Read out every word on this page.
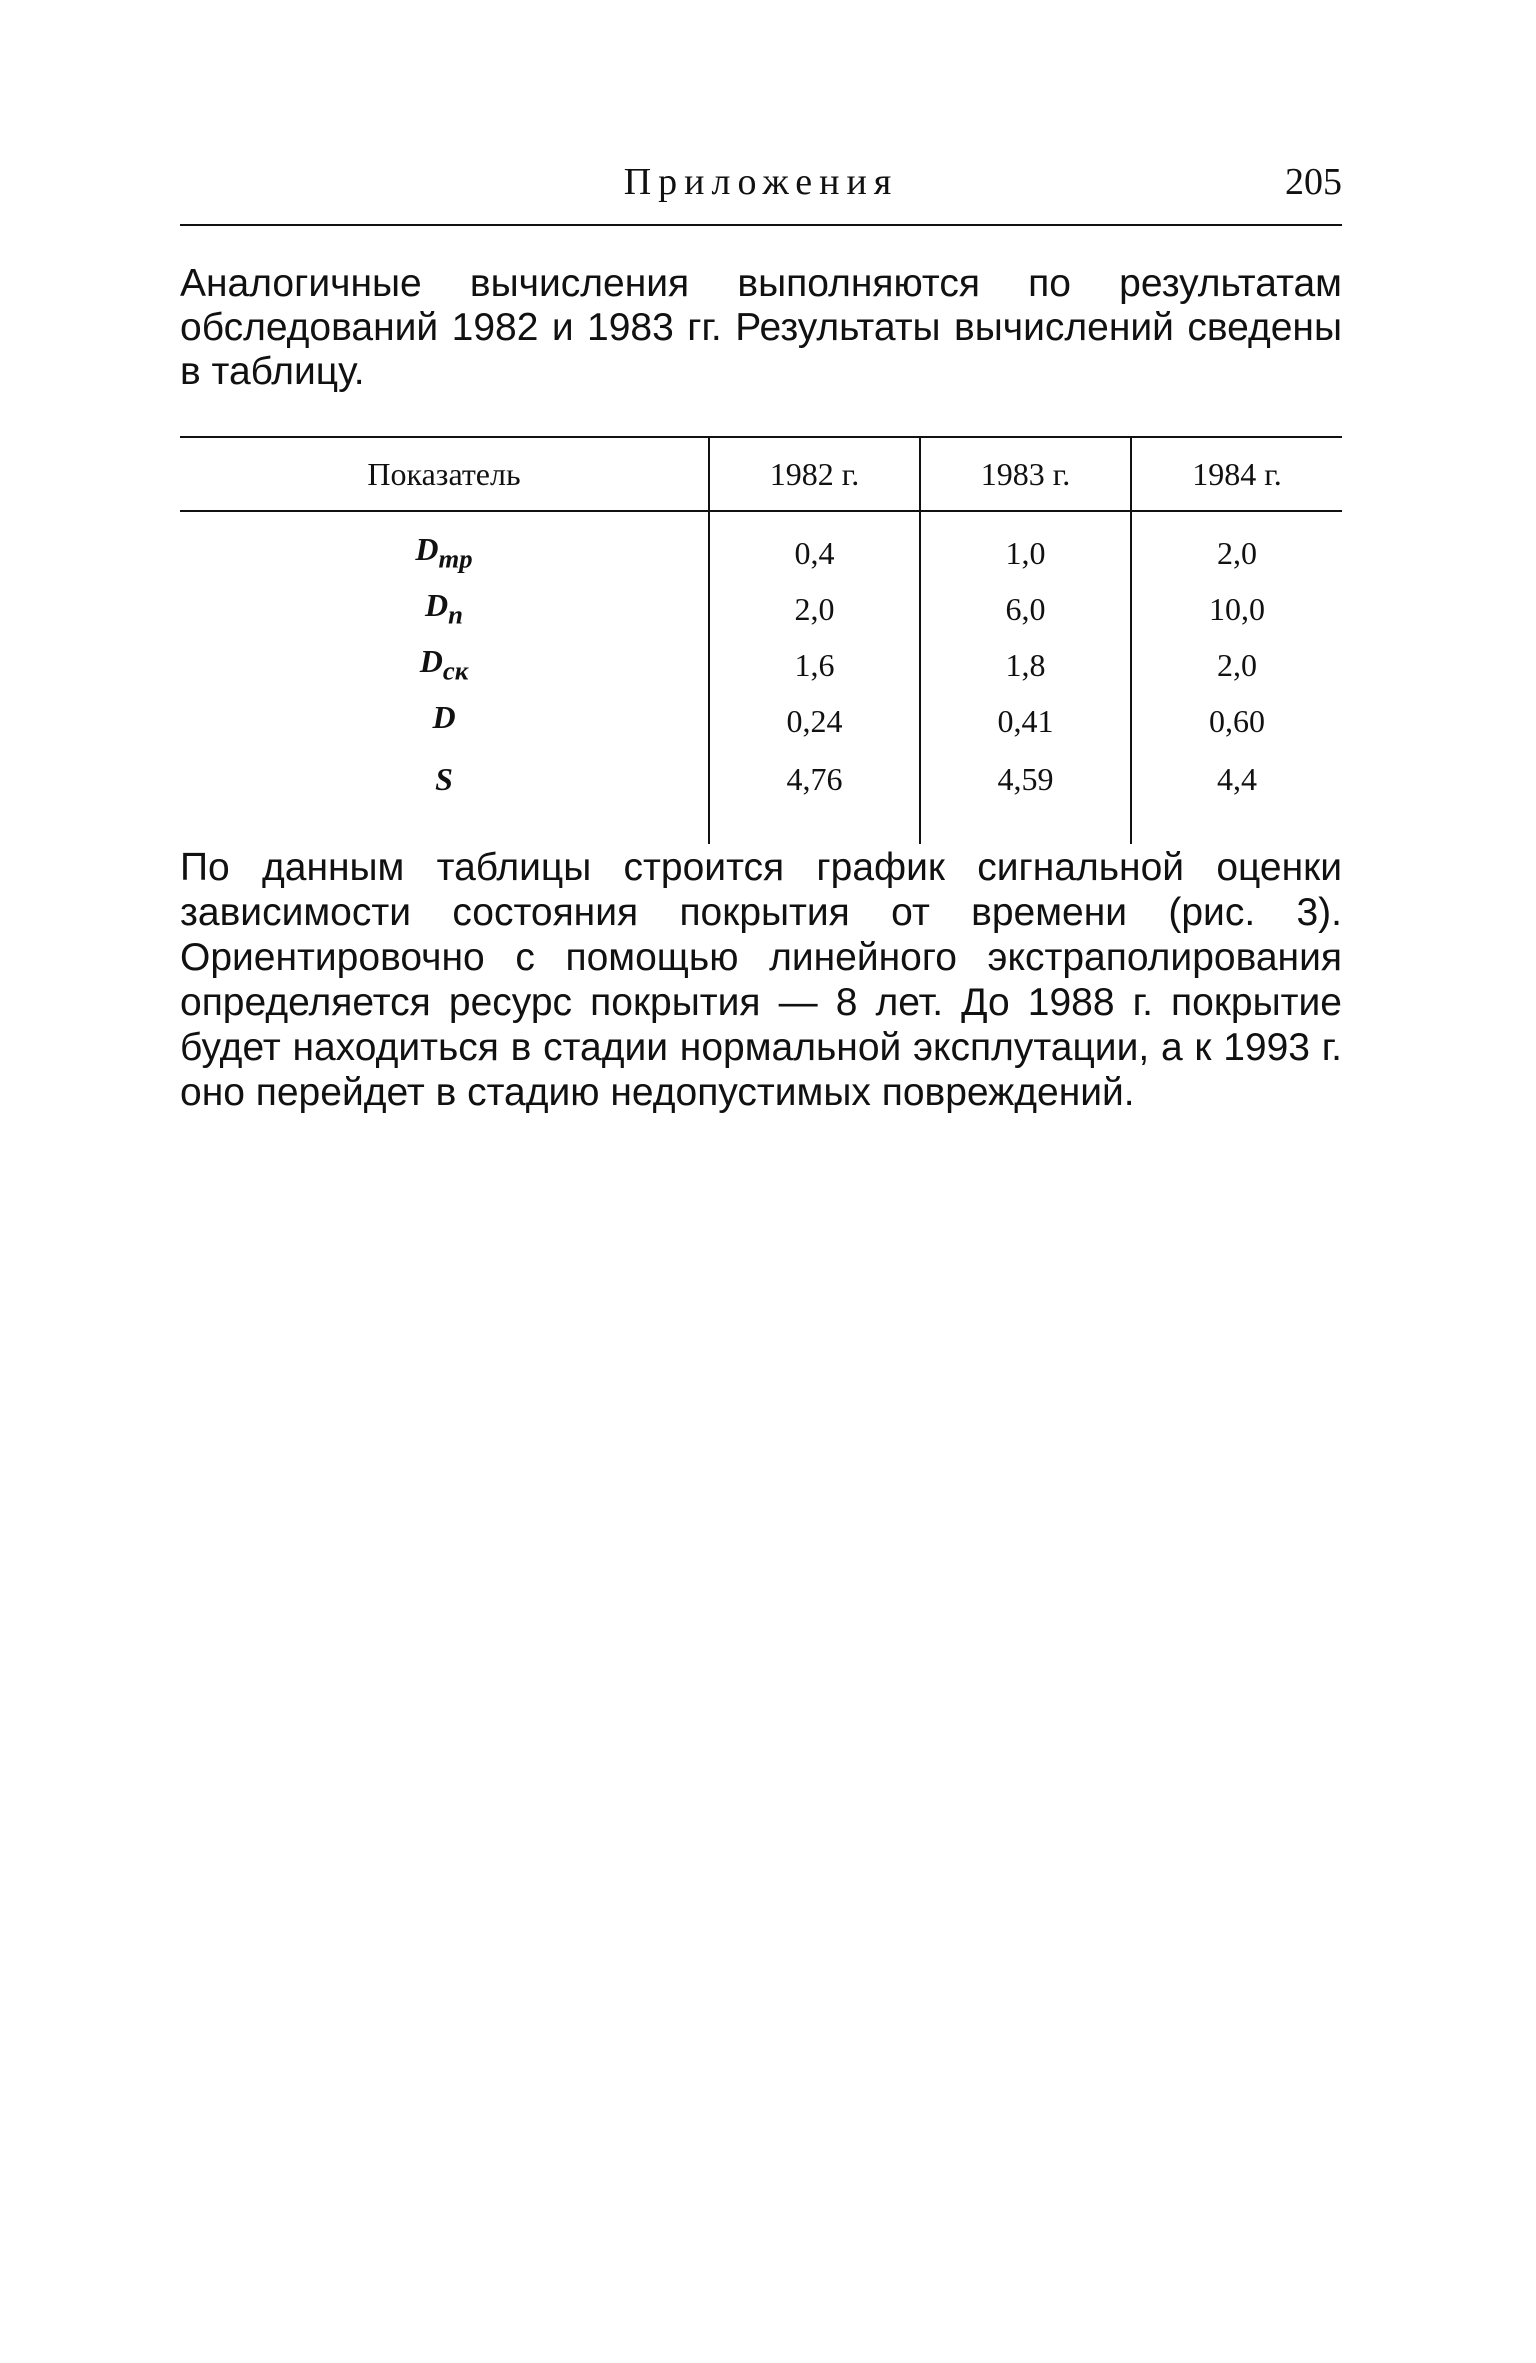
Приложения	205

Аналогичные вычисления выполняются по результатам обследований 1982 и 1983 гг. Результаты вычислений сведены в таблицу.

Показатель	1982 г.	1983 г.	1984 г.
$D_{тр}$	0,4	1,0	2,0
$D_п$	2,0	6,0	10,0
$D_{ск}$	1,6	1,8	2,0
D	0,24	0,41	0,60
S	4,76	4,59	4,4

По данным таблицы строится график сигнальной оценки зависимости состояния покрытия от времени (рис. 3). Ориентировочно с помощью линейного экстраполирования определяется ресурс покрытия — 8 лет. До 1988 г. покрытие будет находиться в стадии нормальной эксплутации, а к 1993 г. оно перейдет в стадию недопустимых повреждений.
